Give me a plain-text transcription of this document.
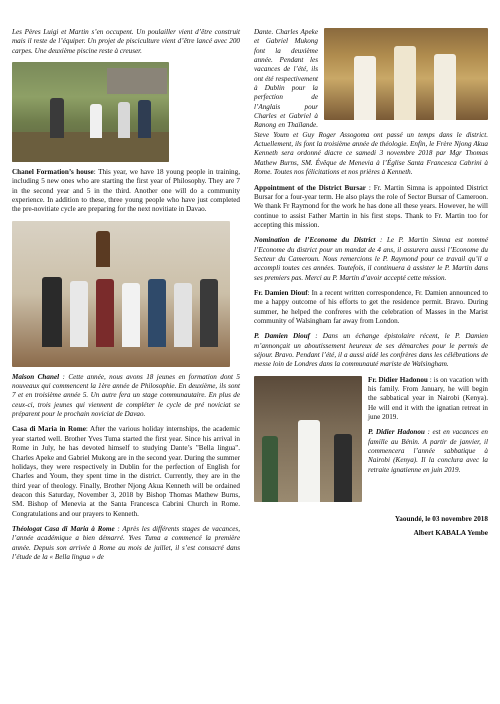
Les Pères Luigi et Martin s’en occupent. Un poulailler vient d’être construit mais il reste de l’équiper. Un projet de pisciculture vient d’être lancé avec 200 carpes. Une deuxième piscine reste à creuser.

Chanel Formation’s house: This year, we have 18 young people in training, including 5 new ones who are starting the first year of Philosophy. They are 7 in the second year and 5 in the third. Another one will do a community experience. In addition to these, three young people who have just completed the pre-novitiate cycle are preparing for the next novitiate in Davao.

Maison Chanel : Cette année, nous avons 18 jeunes en formation dont 5 nouveaux qui commencent la 1ère année de Philosophie. En deuxième, ils sont 7 et en troisième année 5. Un autre fera un stage communautaire. En plus de ceux-ci, trois jeunes qui viennent de compléter le cycle de pré noviciat se préparent pour le prochain noviciat de Davao.

Casa di Maria in Rome: After the various holiday internships, the academic year started well. Brother Yves Tuma started the first year. Since his arrival in Rome in July, he has devoted himself to studying Dante’s "Bella lingua". Charles Apeke and Gabriel Mukong are in the second year. During the summer holidays, they were respectively in Dublin for the perfection of English for Charles and Youm, they spent time in the district. Currently, they are in the third year of theology. Finally, Brother Njong Akua Kenneth will be ordained deacon this Saturday, November 3, 2018 by Bishop Thomas Mathew Burns, SM. Bishop of Menevia at the Santa Francesca Cabrini Church in Rome. Congratulations and our prayers to Kenneth.

Théologat Casa di Maria à Rome : Après les différents stages de vacances, l’année académique a bien démarré. Yves Tuma a commencé la première année. Depuis son arrivée à Rome au mois de juillet, il s’est consacré dans l’étude de la « Bella lingua » de

Dante. Charles Apeke et Gabriel Mukong font la deuxième année. Pendant les vacances de l’été, ils ont été respectivement à Dublin pour la perfection de l’Anglais pour Charles et Gabriel à Ranong en Thaïlande. Steve Youm et Guy Roger Assogoma ont passé un temps dans le district. Actuellement, ils font la troisième année de théologie. Enfin, le Frère Njong Akua Kenneth sera ordonné diacre ce samedi 3 novembre 2018 par Mgr Thomas Mathew Burns, SM. Évêque de Menevia à l’Église Santa Francesca Cabrini à Rome. Toutes nos félicitations et nos prières à Kenneth.

Appointment of the District Bursar : Fr. Martin Simna is appointed District Bursar for a four-year term. He also plays the role of Sector Bursar of Cameroon. We thank Fr Raymond for the work he has done all these years. However, he will continue to assist Father Martin in his first steps. Thank to Fr. Martin too for accepting this mission.

Nomination de l’Econome du District : Le P. Martin Simna est nommé l’Econome du district pour un mandat de 4 ans, il assurera aussi l’Econome du Secteur du Cameroun. Nous remercions le P. Raymond pour ce travail qu’il a accompli toutes ces années. Toutefois, il continuera à assister le P. Martin dans ses premiers pas. Merci au P. Martin d’avoir accepté cette mission.

Fr. Damien Diouf: In a recent written correspondence, Fr. Damien announced to me a happy outcome of his efforts to get the residence permit. Bravo. During summer, he helped the confreres with the celebration of Masses in the Marist community of Walsingham far away from London.

P. Damien Diouf : Dans un échange épistolaire récent, le P. Damien m’annonçait un aboutissement heureux de ses démarches pour le permis de séjour. Bravo. Pendant l’été, il a aussi aidé les confrères dans les célébrations de messe loin de Londres dans la communauté mariste de Walsingham.

Fr. Didier Hadonou : is on vacation with his family. From January, he will begin the sabbatical year in Nairobi (Kenya). He will end it with the ignatian retreat in june 2019.

P. Didier Hadonou : est en vacances en famille au Bénin. A partir de janvier, il commencera l’année sabbatique à Nairobi (Kenya). Il la conclura avec la retraite ignatienne en juin 2019.

Yaoundé, le 03 novembre 2018
Albert KABALA Yembe
